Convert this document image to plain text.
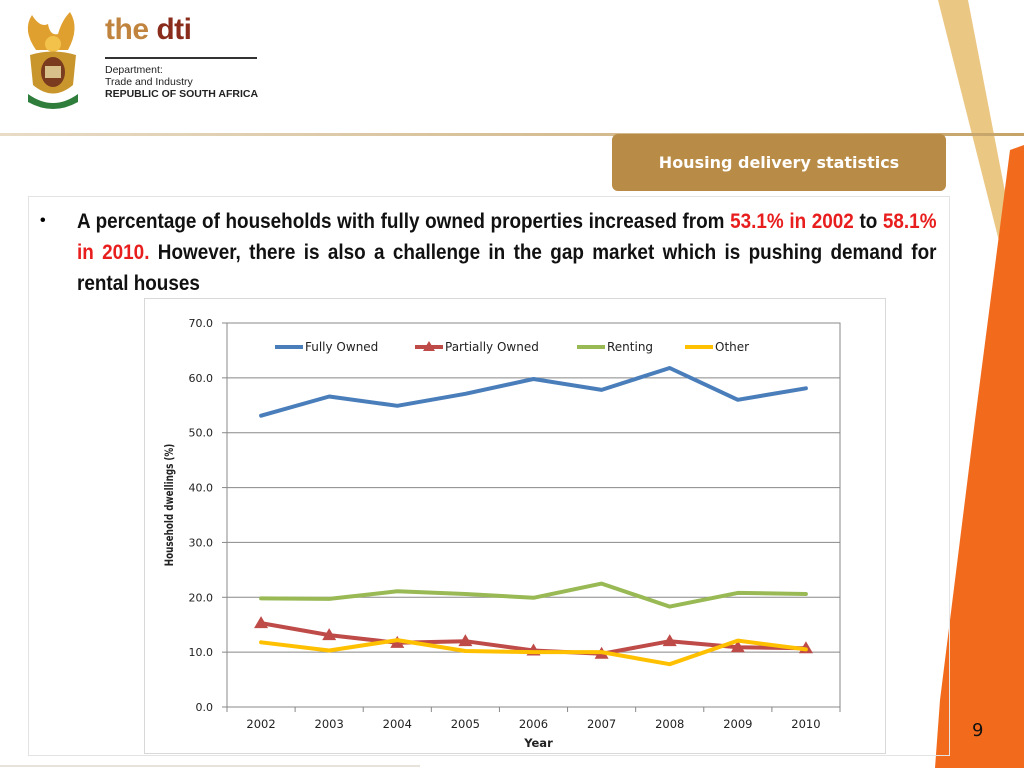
the dti
Department:
Trade and Industry
REPUBLIC OF SOUTH AFRICA
Housing delivery statistics
• A percentage of households with fully owned properties increased from 53.1% in 2002 to 58.1% in 2010. However, there is also a challenge in the gap market which is pushing demand for rental houses
0.0
10.0
20.0
30.0
40.0
50.0
60.0
70.0
2002	2003	2004	2005	2006	2007	2008	2009	2010
Year
Household dwellings (%)
Fully Owned	Partially Owned	Renting	Other
9
